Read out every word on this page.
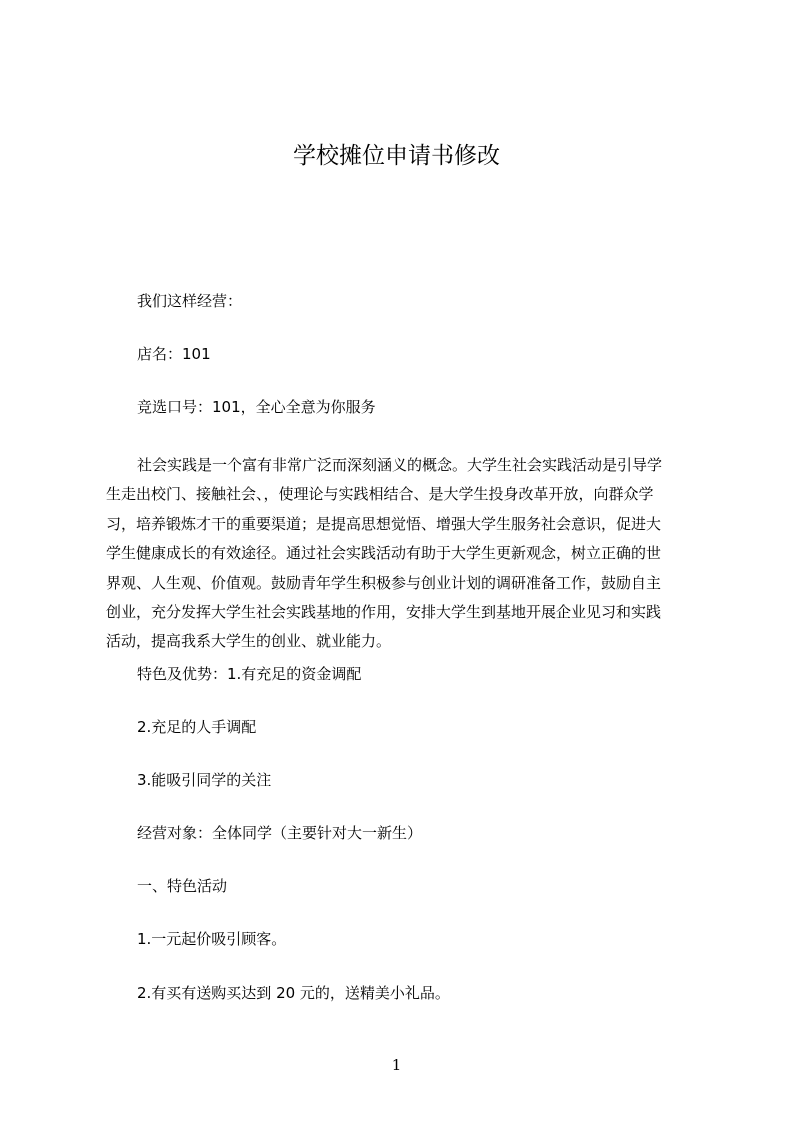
学校摊位申请书修改

我们这样经营：

店名：101

竞选口号：101，全心全意为你服务

社会实践是一个富有非常广泛而深刻涵义的概念。大学生社会实践活动是引导学
生走出校门、接触社会、，使理论与实践相结合、是大学生投身改革开放，向群众学
习，培养锻炼才干的重要渠道；是提高思想觉悟、增强大学生服务社会意识，促进大
学生健康成长的有效途径。通过社会实践活动有助于大学生更新观念，树立正确的世
界观、人生观、价值观。鼓励青年学生积极参与创业计划的调研准备工作，鼓励自主
创业，充分发挥大学生社会实践基地的作用，安排大学生到基地开展企业见习和实践
活动，提高我系大学生的创业、就业能力。

特色及优势：1.有充足的资金调配

2.充足的人手调配

3.能吸引同学的关注

经营对象：全体同学（主要针对大一新生）

一、特色活动

1.一元起价吸引顾客。

2.有买有送购买达到 20 元的，送精美小礼品。

1
